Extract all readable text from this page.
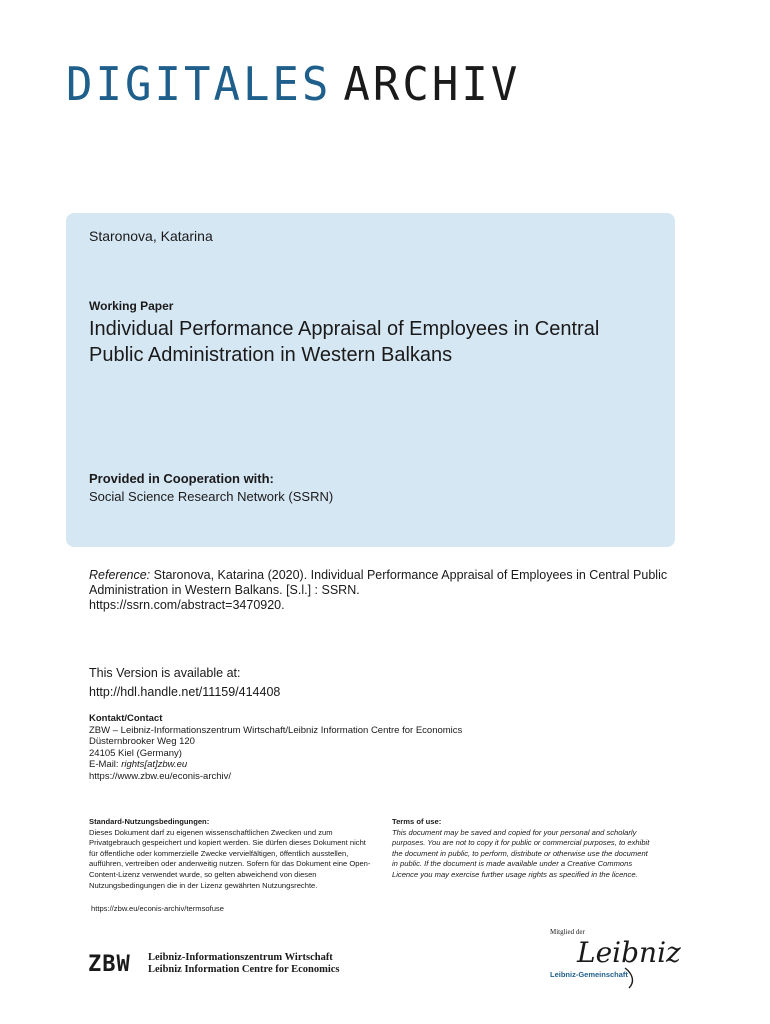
DIGITALES ARCHIV
Staronova, Katarina
Working Paper
Individual Performance Appraisal of Employees in Central Public Administration in Western Balkans
Provided in Cooperation with:
Social Science Research Network (SSRN)
Reference: Staronova, Katarina (2020). Individual Performance Appraisal of Employees in Central Public Administration in Western Balkans. [S.l.] : SSRN.
https://ssrn.com/abstract=3470920.
This Version is available at:
http://hdl.handle.net/11159/414408
Kontakt/Contact
ZBW – Leibniz-Informationszentrum Wirtschaft/Leibniz Information Centre for Economics
Düsternbrooker Weg 120
24105 Kiel (Germany)
E-Mail: rights[at]zbw.eu
https://www.zbw.eu/econis-archiv/
Standard-Nutzungsbedingungen:
Dieses Dokument darf zu eigenen wissenschaftlichen Zwecken und zum Privatgebrauch gespeichert und kopiert werden. Sie dürfen dieses Dokument nicht für öffentliche oder kommerzielle Zwecke vervielfältigen, öffentlich ausstellen, aufführen, vertreiben oder anderweitig nutzen. Sofern für das Dokument eine Open-Content-Lizenz verwendet wurde, so gelten abweichend von diesen Nutzungsbedingungen die in der Lizenz gewährten Nutzungsrechte.
https://zbw.eu/econis-archiv/termsofuse
Terms of use:
This document may be saved and copied for your personal and scholarly purposes. You are not to copy it for public or commercial purposes, to exhibit the document in public, to perform, distribute or otherwise use the document in public. If the document is made available under a Creative Commons Licence you may exercise further usage rights as specified in the licence.
ZBW Leibniz-Informationszentrum Wirtschaft
Leibniz Information Centre for Economics
Mitglied der
Leibniz
Leibniz-Gemeinschaft
